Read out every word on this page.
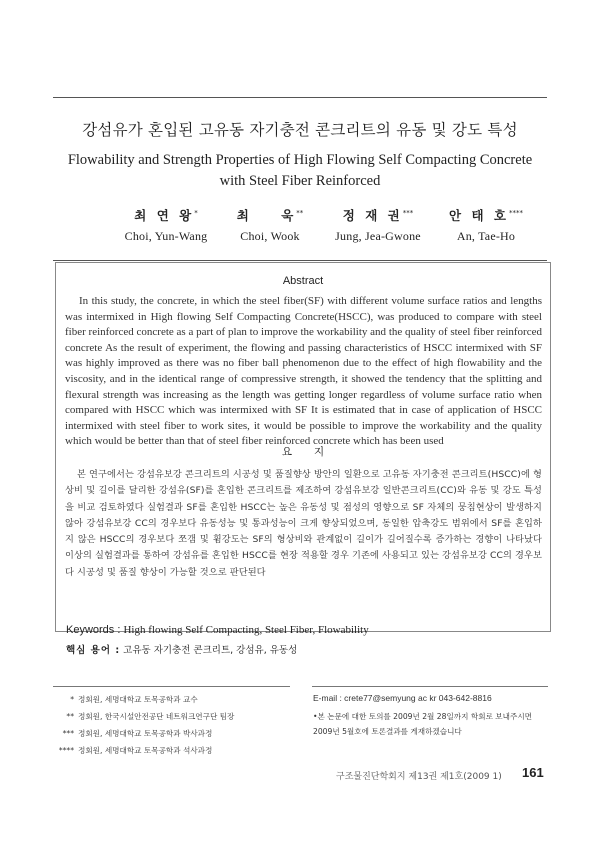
강섬유가 혼입된 고유동 자기충전 콘크리트의 유동 및 강도 특성
Flowability and Strength Properties of High Flowing Self Compacting Concrete
with Steel Fiber Reinforced
최 연 왕*
Choi, Yun-Wang
최    욱**
Choi, Wook
정 재 권***
Jung, Jea-Gwone
안 태 호****
An, Tae-Ho
Abstract
In this study, the concrete, in which the steel fiber(SF) with different volume surface ratios and lengths was intermixed in High flowing Self Compacting Concrete(HSCC), was produced to compare with steel fiber reinforced concrete as a part of plan to improve the workability and the quality of steel fiber reinforced concrete As the result of experiment, the flowing and passing characteristics of HSCC intermixed with SF was highly improved as there was no fiber ball phenomenon due to the effect of high flowability and the viscosity, and in the identical range of compressive strength, it showed the tendency that the splitting and flexural strength was increasing as the length was getting longer regardless of volume surface ratio when compared with HSCC which was intermixed with SF It is estimated that in case of application of HSCC intermixed with steel fiber to work sites, it would be possible to improve the workability and the quality which would be better than that of steel fiber reinforced concrete which has been used
요지
본 연구에서는 강섬유보강 콘크리트의 시공성 및 품질향상 방안의 일환으로 고유동 자기충전 콘크리트(HSCC)에 형상비 및 길이를 달리한 강섬유(SF)를 혼입한 콘크리트를 제조하여 강섬유보강 일반콘크리트(CC)와 유동 및 강도 특성을 비교 검토하였다 실험결과 SF를 혼입한 HSCC는 높은 유동성 및 점성의 영향으로 SF 자체의 뭉침현상이 발생하지 않아 강섬유보강 CC의 경우보다 유동성능 및 통과성능이 크게 향상되었으며, 동일한 압축강도 범위에서 SF를 혼입하지 않은 HSCC의 경우보다 쪼갬 및 휨강도는 SF의 형상비와 관계없이 길이가 길어질수록 증가하는 경향이 나타났다 이상의 실험결과를 통하여 강섬유를 혼입한 HSCC를 현장 적용할 경우 기존에 사용되고 있는 강섬유보강 CC의 경우보다 시공성 및 품질 향상이 가능할 것으로 판단된다
Keywords : High flowing Self Compacting, Steel Fiber, Flowability
핵심 용어 : 고유동 자기충전 콘크리트, 강섬유, 유동성
* 정회원, 세명대학교 토목공학과 교수
** 정회원, 한국시설안전공단 네트워크연구단 팀장
*** 정회원, 세명대학교 토목공학과 박사과정
**** 정회원, 세명대학교 토목공학과 석사과정
E-mail : crete77@semyung ac kr 043-642-8816
•본 논문에 대한 토의를 2009년 2월 28일까지 학회로 보내주시면 2009년 5월호에 토론결과를 게재하겠습니다
구조물진단학회지 제13권 제1호(2009 1) 161
